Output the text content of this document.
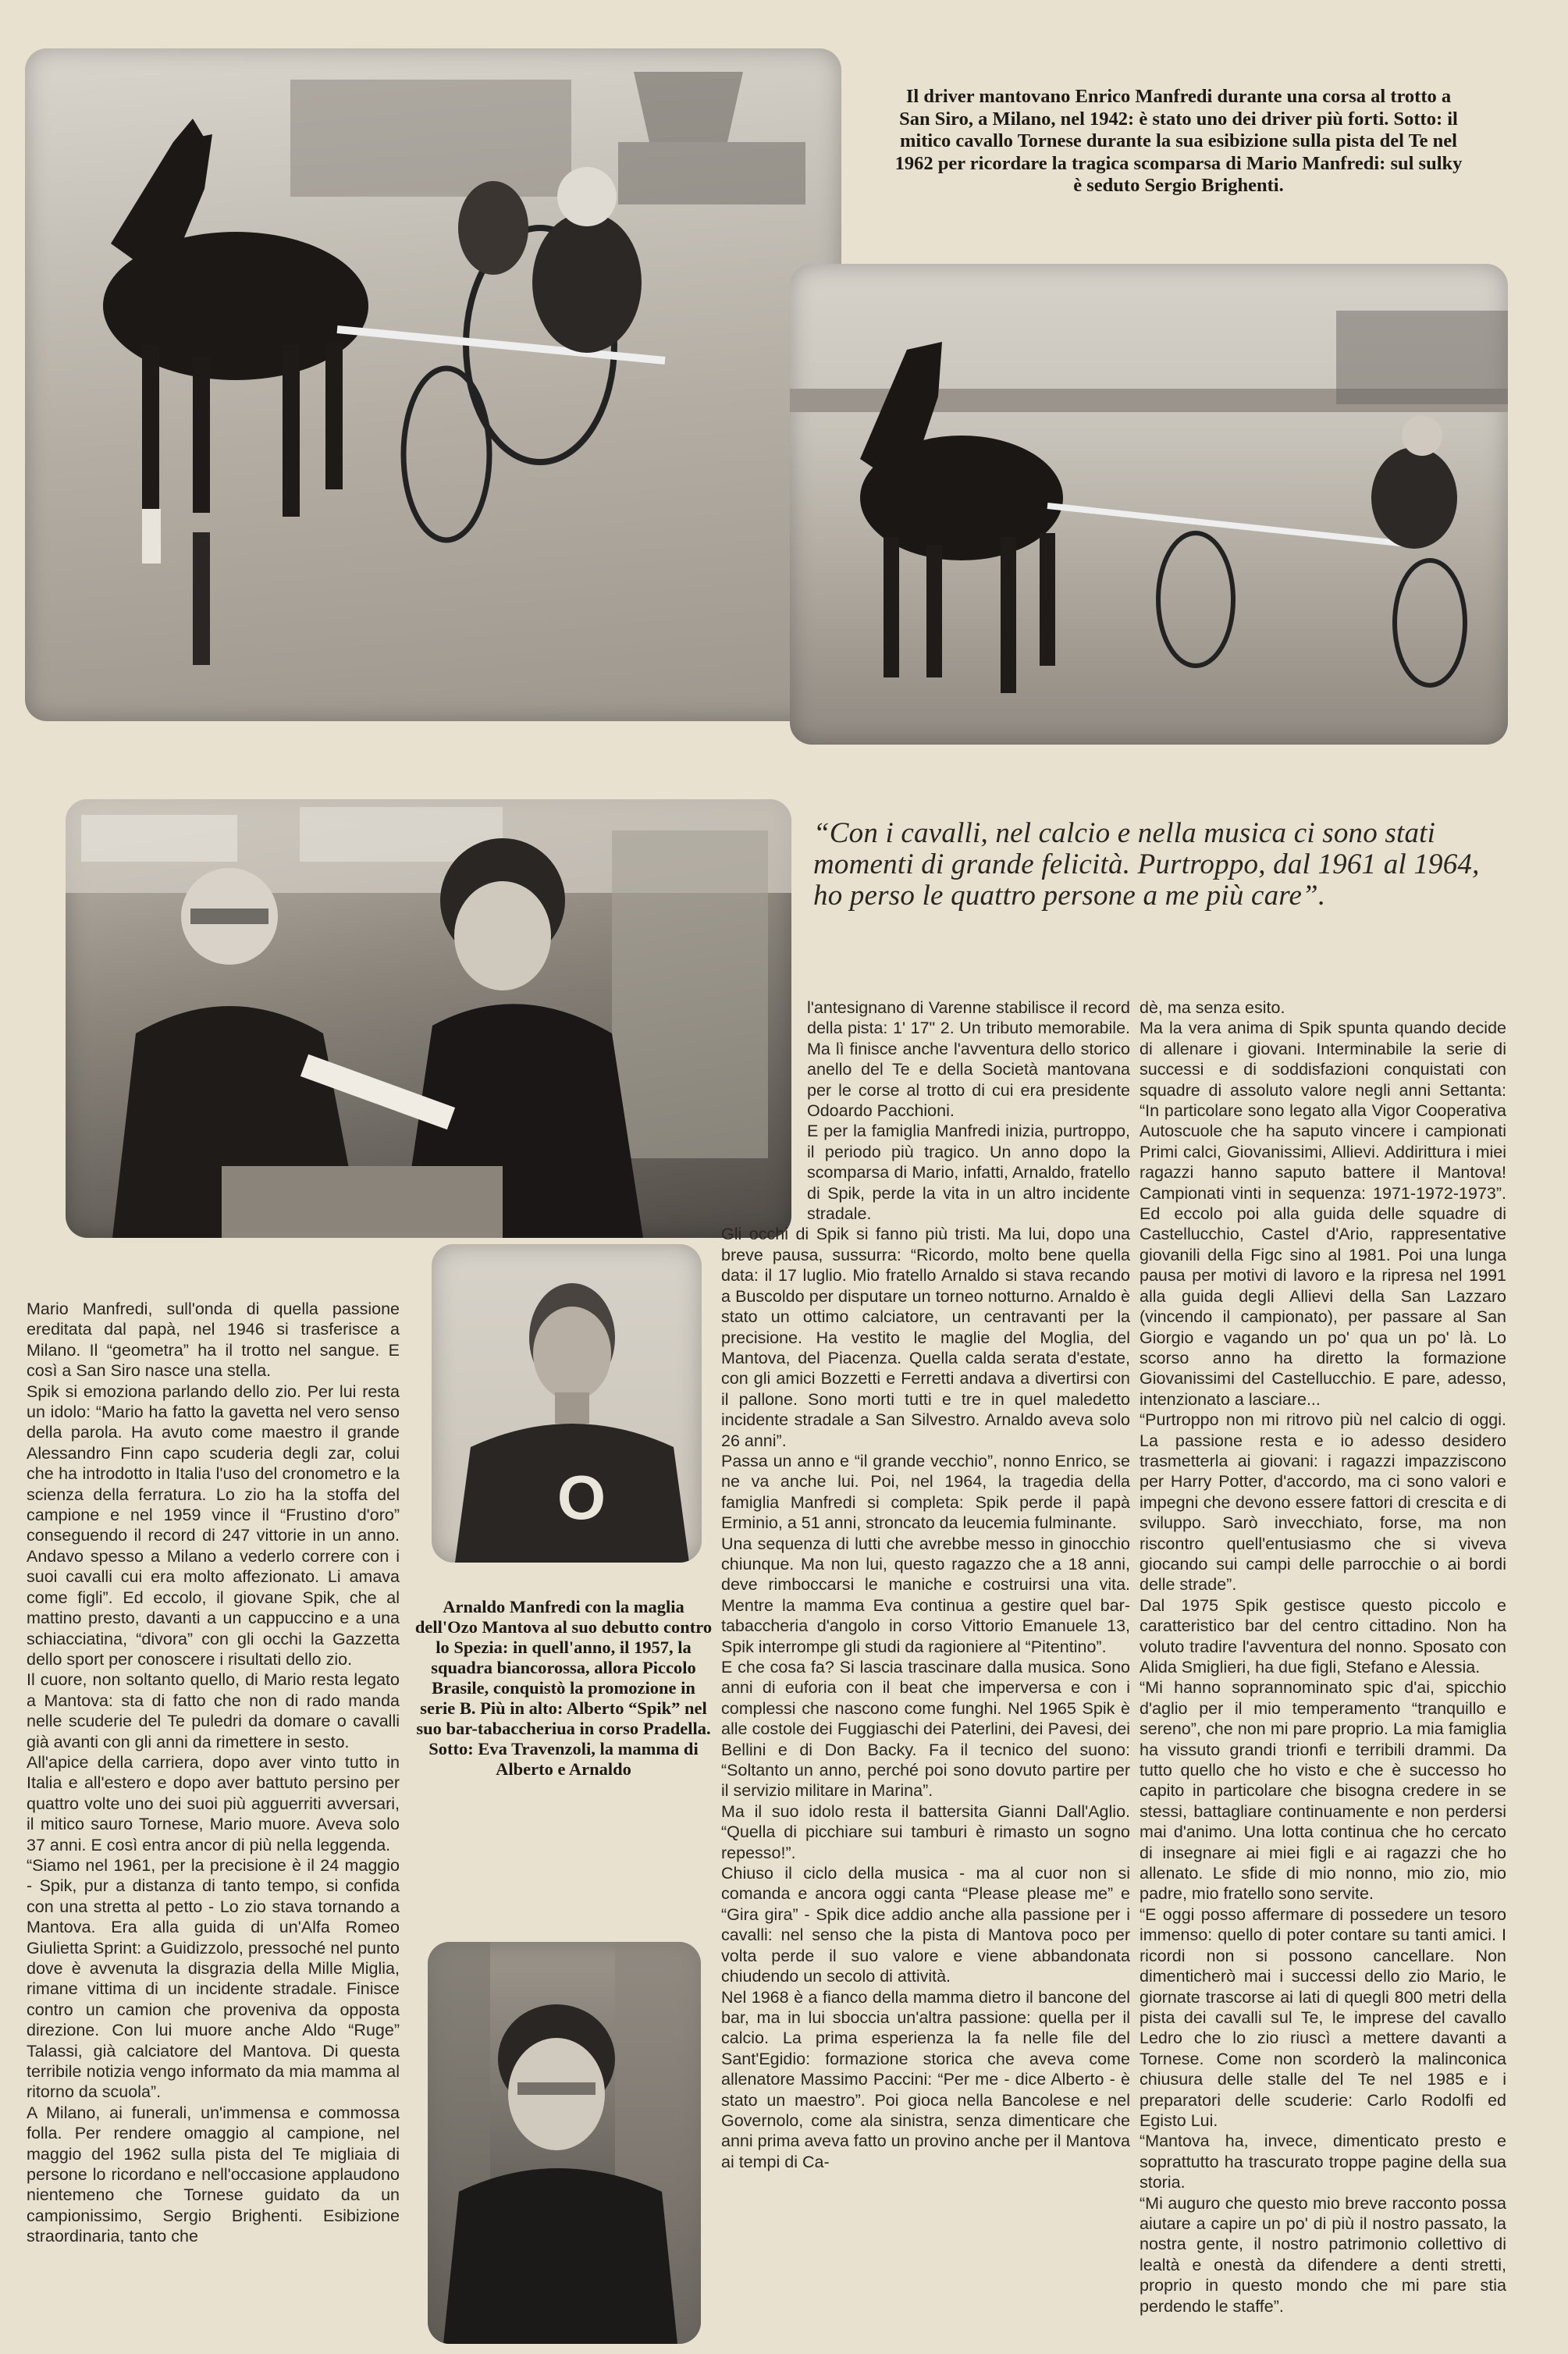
Il driver mantovano Enrico Manfredi durante una corsa al trotto a San Siro, a Milano, nel 1942: è stato uno dei driver più forti. Sotto: il mitico cavallo Tornese durante la sua esibizione sulla pista del Te nel 1962 per ricordare la tragica scomparsa di Mario Manfredi: sul sulky è seduto Sergio Brighenti.
“Con i cavalli, nel calcio e nella musica ci sono stati momenti di grande felicità. Purtroppo, dal 1961 al 1964, ho perso le quattro persone a me più care”.
O
Arnaldo Manfredi con la maglia dell'Ozo Mantova al suo debutto contro lo Spezia: in quell'anno, il 1957, la squadra biancorossa, allora Piccolo Brasile, conquistò la promozione in serie B. Più in alto: Alberto “Spik” nel suo bar-tabaccheriua in corso Pradella. Sotto: Eva Travenzoli, la mamma di Alberto e Arnaldo

Mario Manfredi, sull'onda di quella passione ereditata dal papà, nel 1946 si trasferisce a Milano. Il “geometra” ha il trotto nel sangue. E così a San Siro nasce una stella.

Spik si emoziona parlando dello zio. Per lui resta un idolo: “Mario ha fatto la gavetta nel vero senso della parola. Ha avuto come maestro il grande Alessandro Finn capo scuderia degli zar, colui che ha introdotto in Italia l'uso del cronometro e la scienza della ferratura. Lo zio ha la stoffa del campione e nel 1959 vince il “Frustino d'oro” conseguendo il record di 247 vittorie in un anno. Andavo spesso a Milano a vederlo correre con i suoi cavalli cui era molto affezionato. Li amava come figli”. Ed eccolo, il giovane Spik, che al mattino presto, davanti a un cappuccino e a una schiacciatina, “divora” con gli occhi la Gazzetta dello sport per conoscere i risultati dello zio.

Il cuore, non soltanto quello, di Mario resta legato a Mantova: sta di fatto che non di rado manda nelle scuderie del Te puledri da domare o cavalli già avanti con gli anni da rimettere in sesto.

All'apice della carriera, dopo aver vinto tutto in Italia e all'estero e dopo aver battuto persino per quattro volte uno dei suoi più agguerriti avversari, il mitico sauro Tornese, Mario muore. Aveva solo 37 anni. E così entra ancor di più nella leggenda.

“Siamo nel 1961, per la precisione è il 24 maggio - Spik, pur a distanza di tanto tempo, si confida con una stretta al petto - Lo zio stava tornando a Mantova. Era alla guida di un'Alfa Romeo Giulietta Sprint: a Guidizzolo, pressoché nel punto dove è avvenuta la disgrazia della Mille Miglia, rimane vittima di un incidente stradale. Finisce contro un camion che proveniva da opposta direzione. Con lui muore anche Aldo “Ruge” Talassi, già calciatore del Mantova. Di questa terribile notizia vengo informato da mia mamma al ritorno da scuola”.

A Milano, ai funerali, un'immensa e commossa folla. Per rendere omaggio al campione, nel maggio del 1962 sulla pista del Te migliaia di persone lo ricordano e nell'occasione applaudono nientemeno che Tornese guidato da un campionissimo, Sergio Brighenti. Esibizione straordinaria, tanto che

l'antesignano di Varenne stabilisce il record della pista: 1' 17" 2. Un tributo memorabile. Ma lì finisce anche l'avventura dello storico anello del Te e della Società mantovana per le corse al trotto di cui era presidente Odoardo Pacchioni.

E per la famiglia Manfredi inizia, purtroppo, il periodo più tragico. Un anno dopo la scomparsa di Mario, infatti, Arnaldo, fratello di Spik, perde la vita in un altro incidente stradale.

Gli occhi di Spik si fanno più tristi. Ma lui, dopo una breve pausa, sussurra: “Ricordo, molto bene quella data: il 17 luglio. Mio fratello Arnaldo si stava recando a Buscoldo per disputare un torneo notturno. Arnaldo è stato un ottimo calciatore, un centravanti per la precisione. Ha vestito le maglie del Moglia, del Mantova, del Piacenza. Quella calda serata d'estate, con gli amici Bozzetti e Ferretti andava a divertirsi con il pallone. Sono morti tutti e tre in quel maledetto incidente stradale a San Silvestro. Arnaldo aveva solo 26 anni”.

Passa un anno e “il grande vecchio”, nonno Enrico, se ne va anche lui. Poi, nel 1964, la tragedia della famiglia Manfredi si completa: Spik perde il papà Erminio, a 51 anni, stroncato da leucemia fulminante.

Una sequenza di lutti che avrebbe messo in ginocchio chiunque. Ma non lui, questo ragazzo che a 18 anni, deve rimboccarsi le maniche e costruirsi una vita. Mentre la mamma Eva continua a gestire quel bar-tabaccheria d'angolo in corso Vittorio Emanuele 13, Spik interrompe gli studi da ragioniere al “Pitentino”.

E che cosa fa? Si lascia trascinare dalla musica. Sono anni di euforia con il beat che imperversa e con i complessi che nascono come funghi. Nel 1965 Spik è alle costole dei Fuggiaschi dei Paterlini, dei Pavesi, dei Bellini e di Don Backy. Fa il tecnico del suono: “Soltanto un anno, perché poi sono dovuto partire per il servizio militare in Marina”.

Ma il suo idolo resta il battersita Gianni Dall'Aglio. “Quella di picchiare sui tamburi è rimasto un sogno repesso!”.

Chiuso il ciclo della musica - ma al cuor non si comanda e ancora oggi canta “Please please me” e “Gira gira” - Spik dice addio anche alla passione per i cavalli: nel senso che la pista di Mantova poco per volta perde il suo valore e viene abbandonata chiudendo un secolo di attività.

Nel 1968 è a fianco della mamma dietro il bancone del bar, ma in lui sboccia un'altra passione: quella per il calcio. La prima esperienza la fa nelle file del Sant'Egidio: formazione storica che aveva come allenatore Massimo Paccini: “Per me - dice Alberto - è stato un maestro”. Poi gioca nella Bancolese e nel Governolo, come ala sinistra, senza dimenticare che anni prima aveva fatto un provino anche per il Mantova ai tempi di Ca-

dè, ma senza esito.

Ma la vera anima di Spik spunta quando decide di allenare i giovani. Interminabile la serie di successi e di soddisfazioni conquistati con squadre di assoluto valore negli anni Settanta: “In particolare sono legato alla Vigor Cooperativa Autoscuole che ha saputo vincere i campionati Primi calci, Giovanissimi, Allievi. Addirittura i miei ragazzi hanno saputo battere il Mantova! Campionati vinti in sequenza: 1971-1972-1973”. Ed eccolo poi alla guida delle squadre di Castellucchio, Castel d'Ario, rappresentative giovanili della Figc sino al 1981. Poi una lunga pausa per motivi di lavoro e la ripresa nel 1991 alla guida degli Allievi della San Lazzaro (vincendo il campionato), per passare al San Giorgio e vagando un po' qua un po' là. Lo scorso anno ha diretto la formazione Giovanissimi del Castellucchio. E pare, adesso, intenzionato a lasciare...

“Purtroppo non mi ritrovo più nel calcio di oggi. La passione resta e io adesso desidero trasmetterla ai giovani: i ragazzi impazziscono per Harry Potter, d'accordo, ma ci sono valori e impegni che devono essere fattori di crescita e di sviluppo. Sarò invecchiato, forse, ma non riscontro quell'entusiasmo che si viveva giocando sui campi delle parrocchie o ai bordi delle strade”.

Dal 1975 Spik gestisce questo piccolo e caratteristico bar del centro cittadino. Non ha voluto tradire l'avventura del nonno. Sposato con Alida Smiglieri, ha due figli, Stefano e Alessia.

“Mi hanno soprannominato spic d'ai, spicchio d'aglio per il mio temperamento “tranquillo e sereno”, che non mi pare proprio. La mia famiglia ha vissuto grandi trionfi e terribili drammi. Da tutto quello che ho visto e che è successo ho capito in particolare che bisogna credere in se stessi, battagliare continuamente e non perdersi mai d'animo. Una lotta continua che ho cercato di insegnare ai miei figli e ai ragazzi che ho allenato. Le sfide di mio nonno, mio zio, mio padre, mio fratello sono servite.

“E oggi posso affermare di possedere un tesoro immenso: quello di poter contare su tanti amici. I ricordi non si possono cancellare. Non dimenticherò mai i successi dello zio Mario, le giornate trascorse ai lati di quegli 800 metri della pista dei cavalli sul Te, le imprese del cavallo Ledro che lo zio riuscì a mettere davanti a Tornese. Come non scorderò la malinconica chiusura delle stalle del Te nel 1985 e i preparatori delle scuderie: Carlo Rodolfi ed Egisto Lui.

“Mantova ha, invece, dimenticato presto e soprattutto ha trascurato troppe pagine della sua storia.

“Mi auguro che questo mio breve racconto possa aiutare a capire un po' di più il nostro passato, la nostra gente, il nostro patrimonio collettivo di lealtà e onestà da difendere a denti stretti, proprio in questo mondo che mi pare stia perdendo le staffe”.
